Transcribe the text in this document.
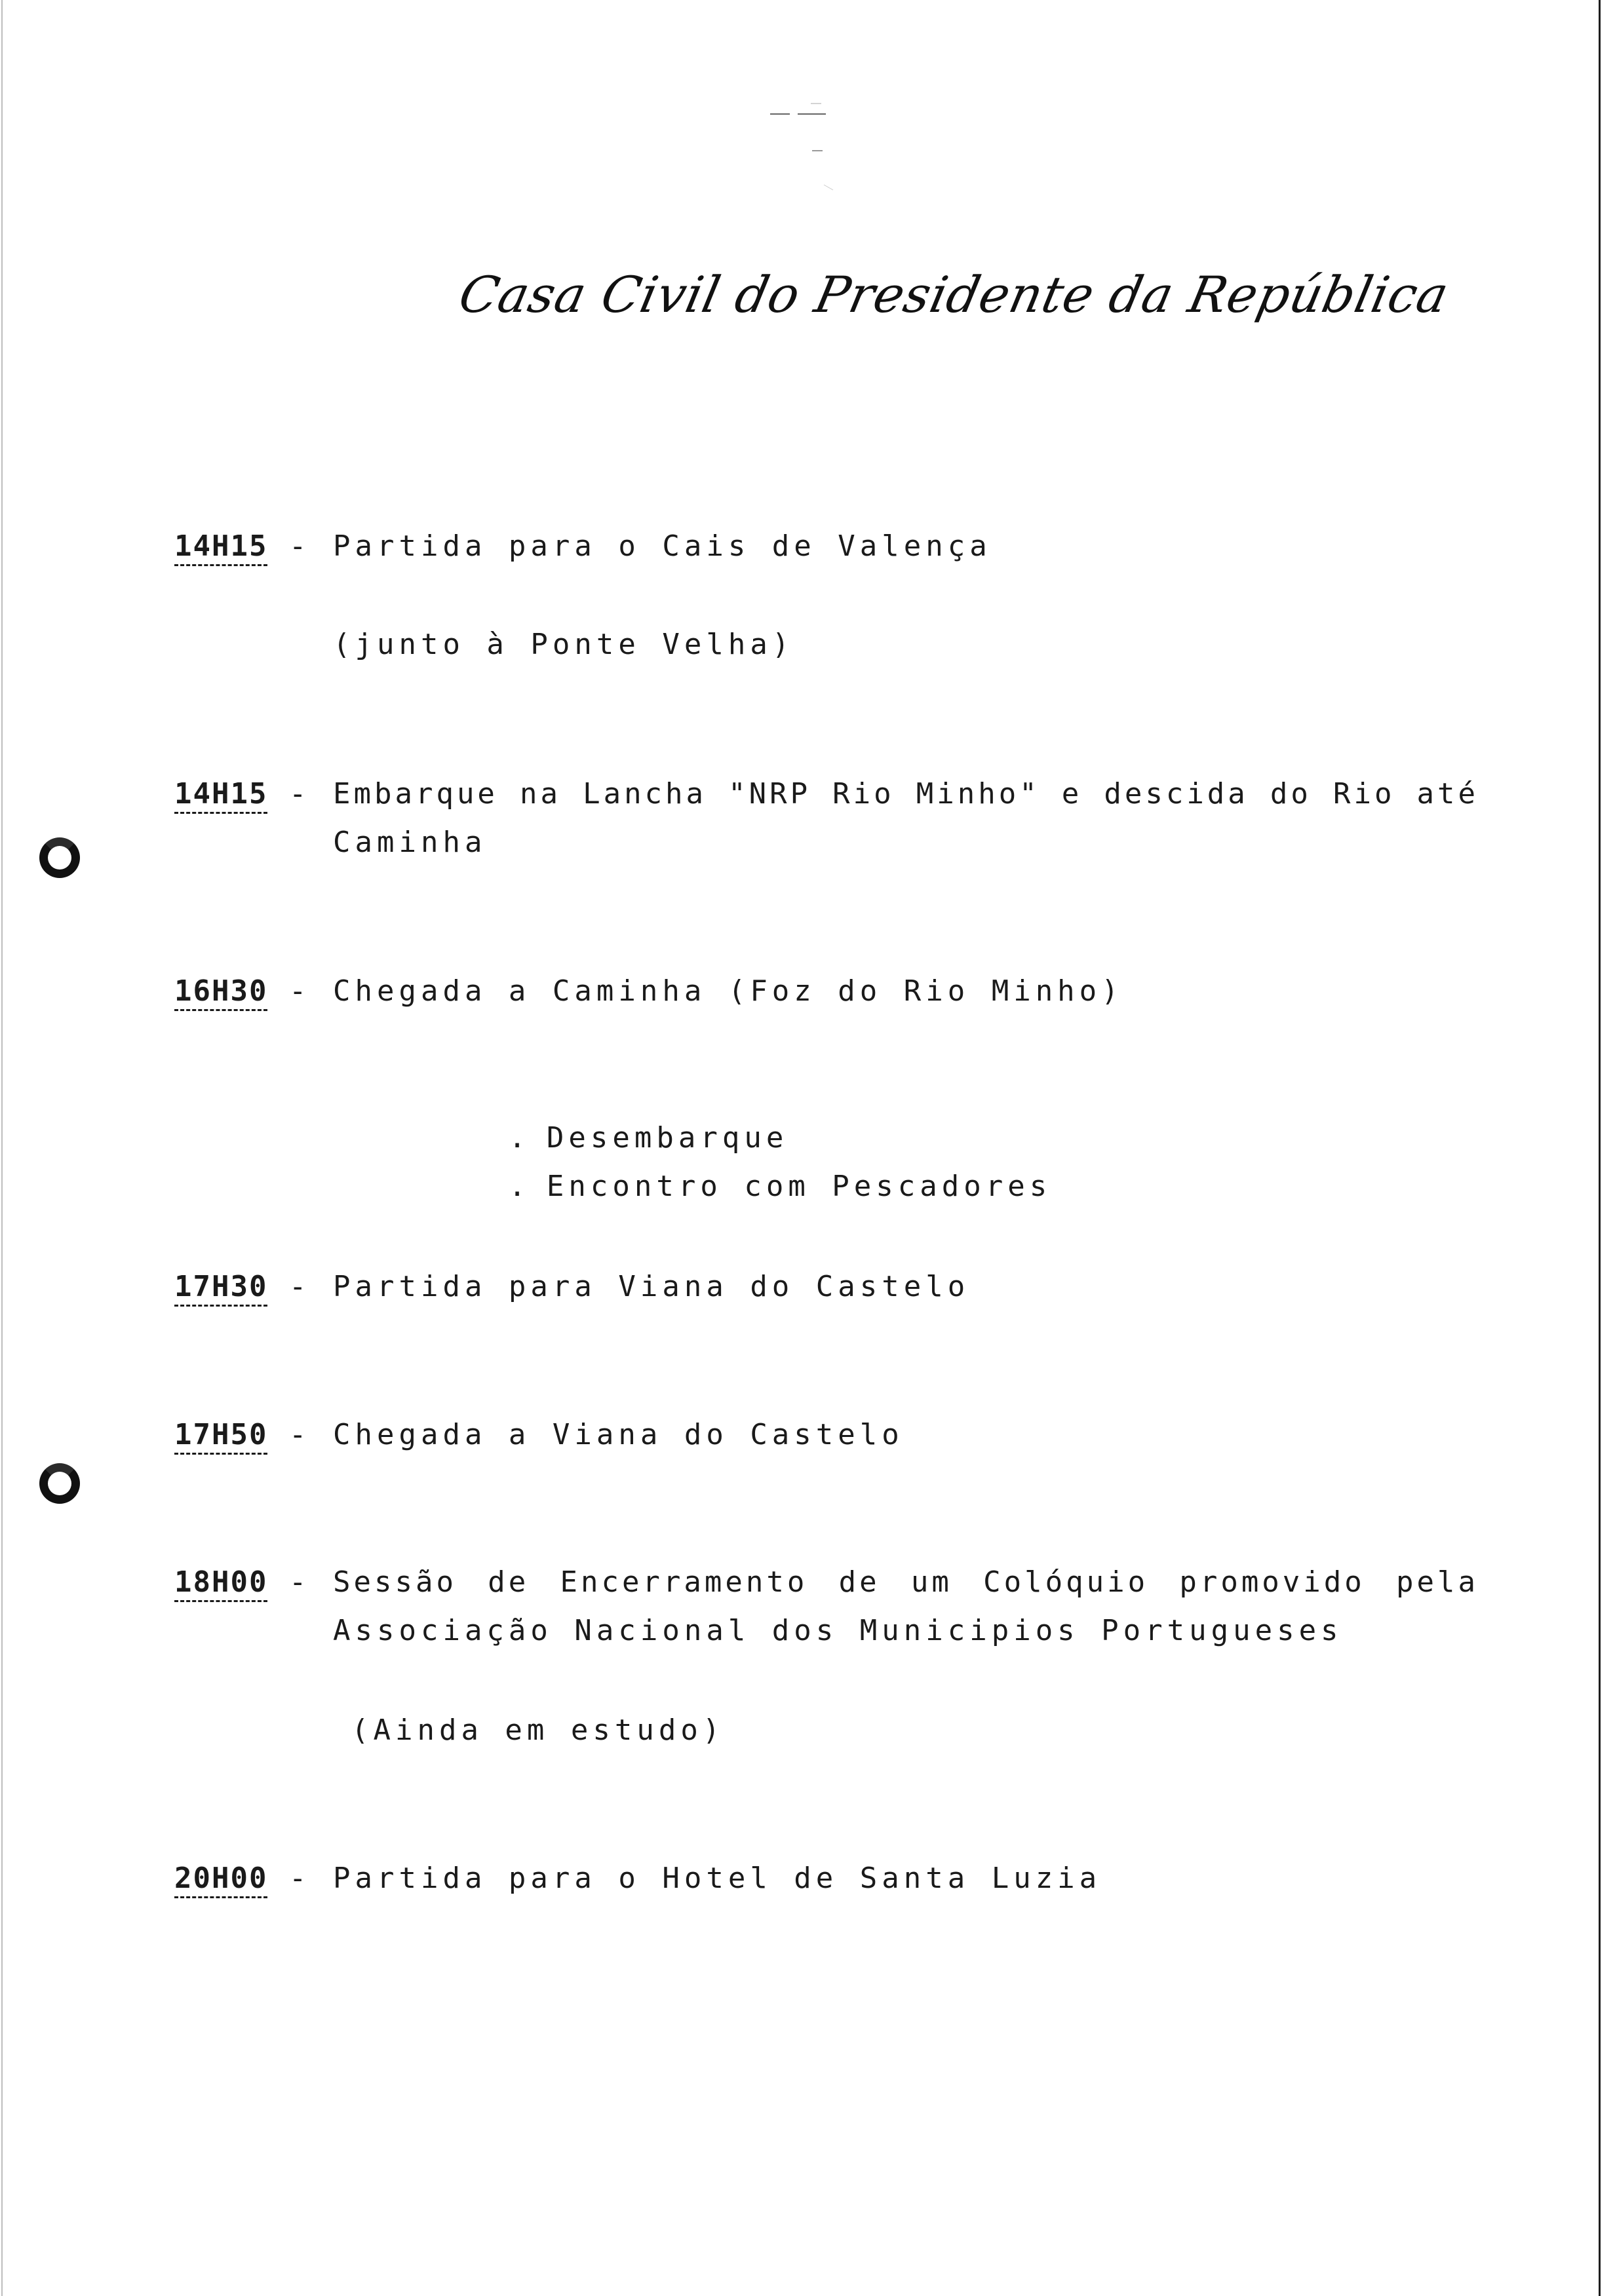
Casa Civil do Presidente da República
14H15 - Partida para o Cais de Valença
(junto à Ponte Velha)
14H15 - Embarque na Lancha "NRP Rio Minho" e descida do Rio até
Caminha
16H30 - Chegada a Caminha (Foz do Rio Minho)

. Desembarque

. Encontro com Pescadores

17H30 - Partida para Viana do Castelo
17H50 - Chegada a Viana do Castelo
18H00 - Sessão de Encerramento de um Colóquio promovido pela
Associação Nacional dos Municipios Portugueses
(Ainda em estudo)
20H00 - Partida para o Hotel de Santa Luzia
